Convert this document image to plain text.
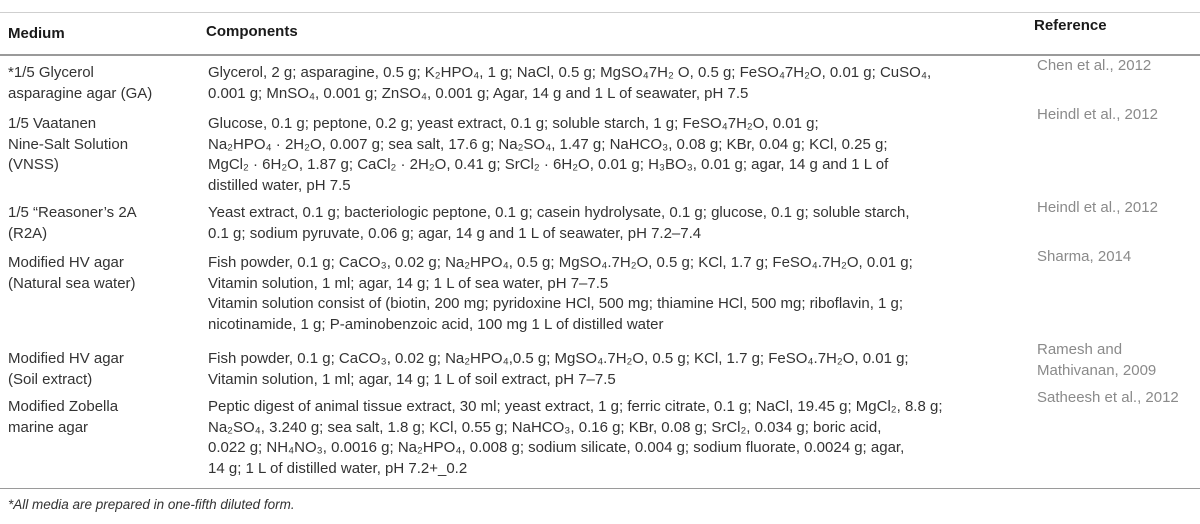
Medium	Components	Reference
*1/5 Glycerol
asparagine agar (GA)
Glycerol, 2 g; asparagine, 0.5 g; K₂HPO₄, 1 g; NaCl, 0.5 g; MgSO₄7H₂ O, 0.5 g; FeSO₄7H₂O, 0.01 g; CuSO₄,
0.001 g; MnSO₄, 0.001 g; ZnSO₄, 0.001 g; Agar, 14 g and 1 L of seawater, pH 7.5
Chen et al., 2012
1/5 Vaatanen
Nine-Salt Solution
(VNSS)
Glucose, 0.1 g; peptone, 0.2 g; yeast extract, 0.1 g; soluble starch, 1 g; FeSO₄7H₂O, 0.01 g;
Na₂HPO₄ · 2H₂O, 0.007 g; sea salt, 17.6 g; Na₂SO₄, 1.47 g; NaHCO₃, 0.08 g; KBr, 0.04 g; KCl, 0.25 g;
MgCl₂ · 6H₂O, 1.87 g; CaCl₂ · 2H₂O, 0.41 g; SrCl₂ · 6H₂O, 0.01 g; H₃BO₃, 0.01 g; agar, 14 g and 1 L of
distilled water, pH 7.5
Heindl et al., 2012
1/5 “Reasoner’s 2A
(R2A)
Yeast extract, 0.1 g; bacteriologic peptone, 0.1 g; casein hydrolysate, 0.1 g; glucose, 0.1 g; soluble starch,
0.1 g; sodium pyruvate, 0.06 g; agar, 14 g and 1 L of seawater, pH 7.2–7.4
Heindl et al., 2012
Modified HV agar
(Natural sea water)
Fish powder, 0.1 g; CaCO₃, 0.02 g; Na₂HPO₄, 0.5 g; MgSO₄.7H₂O, 0.5 g; KCl, 1.7 g; FeSO₄.7H₂O, 0.01 g;
Vitamin solution, 1 ml; agar, 14 g; 1 L of sea water, pH 7–7.5
Vitamin solution consist of (biotin, 200 mg; pyridoxine HCl, 500 mg; thiamine HCl, 500 mg; riboflavin, 1 g;
nicotinamide, 1 g; P-aminobenzoic acid, 100 mg 1 L of distilled water
Sharma, 2014
Modified HV agar
(Soil extract)
Fish powder, 0.1 g; CaCO₃, 0.02 g; Na₂HPO₄,0.5 g; MgSO₄.7H₂O, 0.5 g; KCl, 1.7 g; FeSO₄.7H₂O, 0.01 g;
Vitamin solution, 1 ml; agar, 14 g; 1 L of soil extract, pH 7–7.5
Ramesh and
Mathivanan, 2009
Modified Zobella
marine agar
Peptic digest of animal tissue extract, 30 ml; yeast extract, 1 g; ferric citrate, 0.1 g; NaCl, 19.45 g; MgCl₂, 8.8 g;
Na₂SO₄, 3.240 g; sea salt, 1.8 g; KCl, 0.55 g; NaHCO₃, 0.16 g; KBr, 0.08 g; SrCl₂, 0.034 g; boric acid,
0.022 g; NH₄NO₃, 0.0016 g; Na₂HPO₄, 0.008 g; sodium silicate, 0.004 g; sodium fluorate, 0.0024 g; agar,
14 g; 1 L of distilled water, pH 7.2+_0.2
Satheesh et al., 2012
*All media are prepared in one-fifth diluted form.
